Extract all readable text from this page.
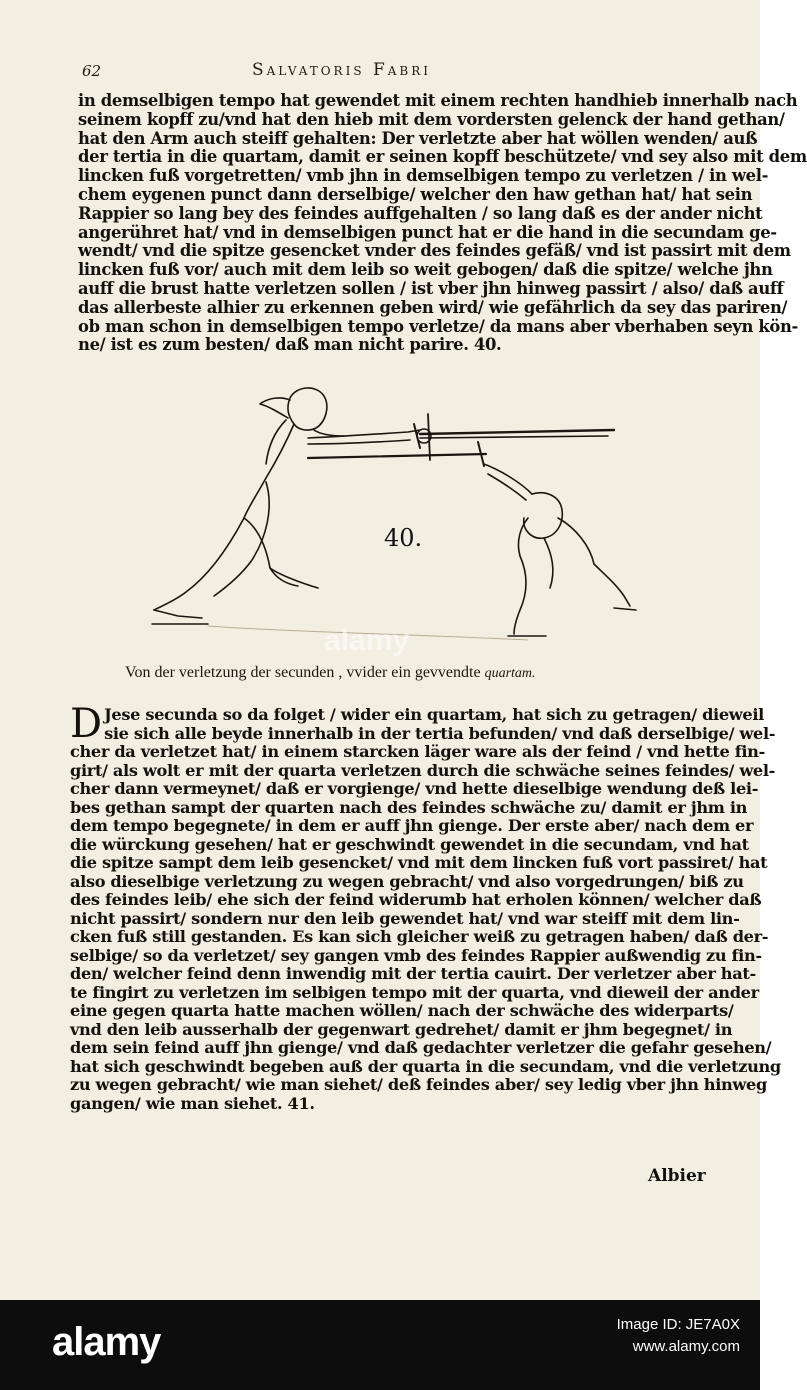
62	Salvatoris Fabri

in demselbigen tempo hat gewendet mit einem rechten handhieb innerhalb nach

seinem kopff zu/vnd hat den hieb mit dem vordersten gelenck der hand gethan/

hat den Arm auch steiff gehalten: Der verletzte aber hat wöllen wenden/ auß

der tertia in die quartam, damit er seinen kopff beschützete/ vnd sey also mit dem

lincken fuß vorgetretten/ vmb jhn in demselbigen tempo zu verletzen / in wel-

chem eygenen punct dann derselbige/ welcher den haw gethan hat/ hat sein

Rappier so lang bey des feindes auffgehalten / so lang daß es der ander nicht

angerühret hat/ vnd in demselbigen punct hat er die hand in die secundam ge-

wendt/ vnd die spitze gesencket vnder des feindes gefäß/ vnd ist passirt mit dem

lincken fuß vor/ auch mit dem leib so weit gebogen/ daß die spitze/ welche jhn

auff die brust hatte verletzen sollen / ist vber jhn hinweg passirt / also/ daß auff

das allerbeste alhier zu erkennen geben wird/ wie gefährlich da sey das pariren/

ob man schon in demselbigen tempo verletze/ da mans aber vberhaben seyn kön-

ne/ ist es zum besten/ daß man nicht parire. 40.

40.
alamy
Von der verletzung der secunden , vvider ein gevvendte quartam.
D Jese secunda so da folget / wider ein quartam, hat sich zu getragen/ dieweil

sie sich alle beyde innerhalb in der tertia befunden/ vnd daß derselbige/ wel-

cher da verletzet hat/ in einem starcken läger ware als der feind / vnd hette fin-

girt/ als wolt er mit der quarta verletzen durch die schwäche seines feindes/ wel-

cher dann vermeynet/ daß er vorgienge/ vnd hette dieselbige wendung deß lei-

bes gethan sampt der quarten nach des feindes schwäche zu/ damit er jhm in

dem tempo begegnete/ in dem er auff jhn gienge. Der erste aber/ nach dem er

die würckung gesehen/ hat er geschwindt gewendet in die secundam, vnd hat

die spitze sampt dem leib gesencket/ vnd mit dem lincken fuß vort passiret/ hat

also dieselbige verletzung zu wegen gebracht/ vnd also vorgedrungen/ biß zu

des feindes leib/ ehe sich der feind widerumb hat erholen können/ welcher daß

nicht passirt/ sondern nur den leib gewendet hat/ vnd war steiff mit dem lin-

cken fuß still gestanden. Es kan sich gleicher weiß zu getragen haben/ daß der-

selbige/ so da verletzet/ sey gangen vmb des feindes Rappier außwendig zu fin-

den/ welcher feind denn inwendig mit der tertia cauirt. Der verletzer aber hat-

te fingirt zu verletzen im selbigen tempo mit der quarta, vnd dieweil der ander

eine gegen quarta hatte machen wöllen/ nach der schwäche des widerparts/

vnd den leib ausserhalb der gegenwart gedrehet/ damit er jhm begegnet/ in

dem sein feind auff jhn gienge/ vnd daß gedachter verletzer die gefahr gesehen/

hat sich geschwindt begeben auß der quarta in die secundam, vnd die verletzung

zu wegen gebracht/ wie man siehet/ deß feindes aber/ sey ledig vber jhn hinweg

gangen/ wie man siehet. 41.

Albier
alamy	Image ID: JE7A0X
www.alamy.com
